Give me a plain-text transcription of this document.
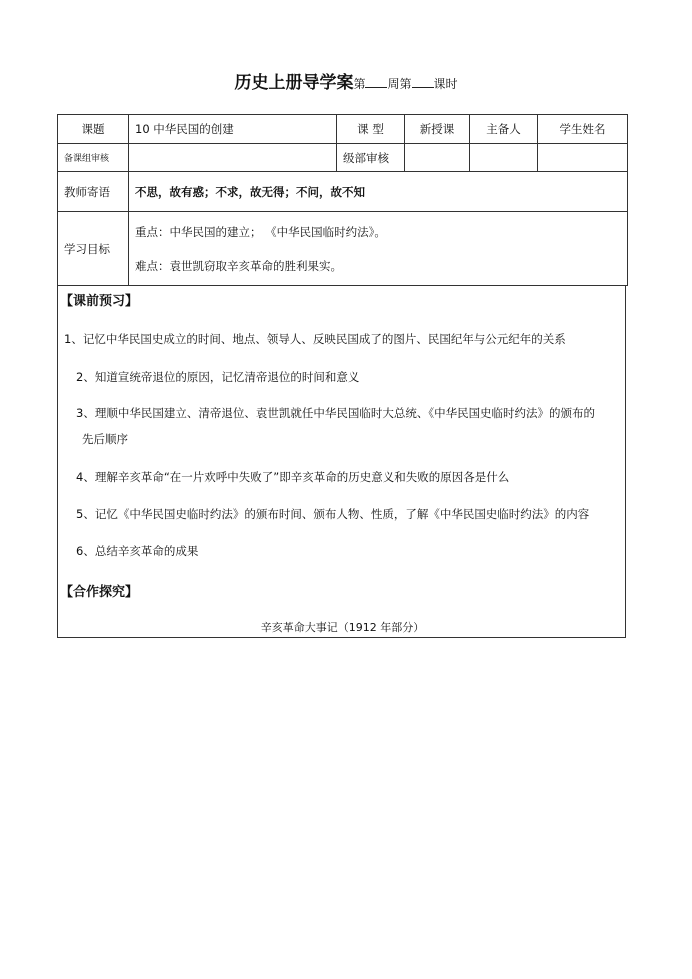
历史上册导学案第 周第 课时
课题	10 中华民国的创建	课 型	新授课	主备人	学生姓名
备课组审核		级部审核			
教师寄语	不思，故有惑；不求，故无得；不问，故不知				
学习目标	重点：中华民国的建立； 《中华民国临时约法》。
难点：袁世凯窃取辛亥革命的胜利果实。				
【课前预习】
1、记忆中华民国史成立的时间、地点、领导人、反映民国成了的图片、民国纪年与公元纪年的关系
2、知道宣统帝退位的原因，记忆清帝退位的时间和意义
3、理顺中华民国建立、清帝退位、袁世凯就任中华民国临时大总统、《中华民国史临时约法》的颁布的
先后顺序
4、理解辛亥革命“在一片欢呼中失败了”即辛亥革命的历史意义和失败的原因各是什么
5、记忆《中华民国史临时约法》的颁布时间、颁布人物、性质，了解《中华民国史临时约法》的内容
6、总结辛亥革命的成果
【合作探究】
辛亥革命大事记（1912 年部分）
